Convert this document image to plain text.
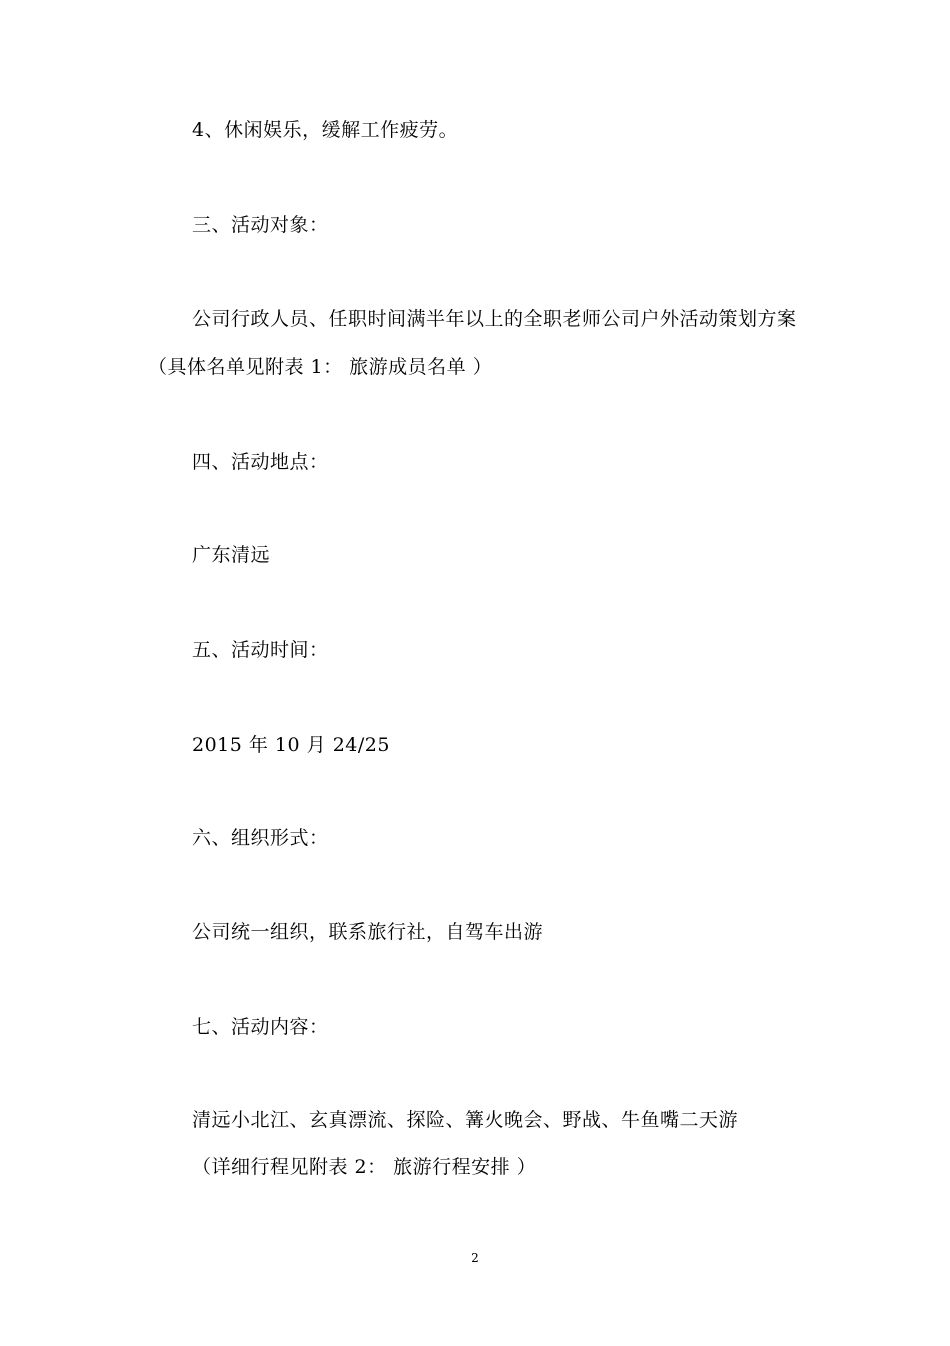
4、休闲娱乐，缓解工作疲劳。
三、活动对象：
公司行政人员、任职时间满半年以上的全职老师公司户外活动策划方案
（具体名单见附表 1： 旅游成员名单 ）
四、活动地点：
广东清远
五、活动时间：
2015 年 10 月 24/25
六、组织形式：
公司统一组织，联系旅行社，自驾车出游
七、活动内容：
清远小北江、玄真漂流、探险、篝火晚会、野战、牛鱼嘴二天游
（详细行程见附表 2： 旅游行程安排 ）
2
